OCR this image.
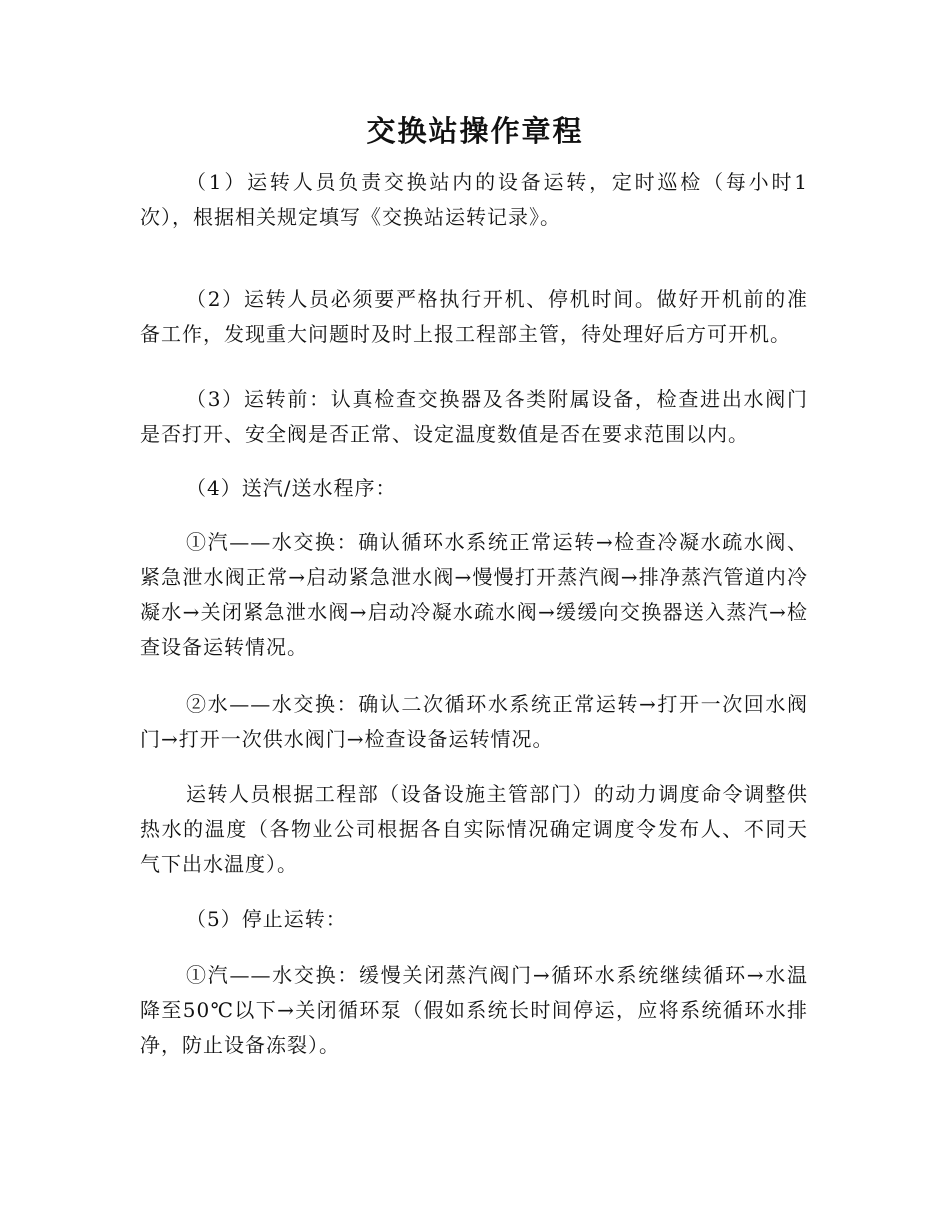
交换站操作章程

（1）运转人员负责交换站内的设备运转，定时巡检（每小时1次），根据相关规定填写《交换站运转记录》。

（2）运转人员必须要严格执行开机、停机时间。做好开机前的准备工作，发现重大问题时及时上报工程部主管，待处理好后方可开机。

（3）运转前：认真检查交换器及各类附属设备，检查进出水阀门是否打开、安全阀是否正常、设定温度数值是否在要求范围以内。

（4）送汽/送水程序：

①汽——水交换：确认循环水系统正常运转→检查冷凝水疏水阀、紧急泄水阀正常→启动紧急泄水阀→慢慢打开蒸汽阀→排净蒸汽管道内冷凝水→关闭紧急泄水阀→启动冷凝水疏水阀→缓缓向交换器送入蒸汽→检查设备运转情况。

②水——水交换：确认二次循环水系统正常运转→打开一次回水阀门→打开一次供水阀门→检查设备运转情况。

运转人员根据工程部（设备设施主管部门）的动力调度命令调整供热水的温度（各物业公司根据各自实际情况确定调度令发布人、不同天气下出水温度）。

（5）停止运转：

①汽——水交换：缓慢关闭蒸汽阀门→循环水系统继续循环→水温降至50℃以下→关闭循环泵（假如系统长时间停运，应将系统循环水排净，防止设备冻裂）。
